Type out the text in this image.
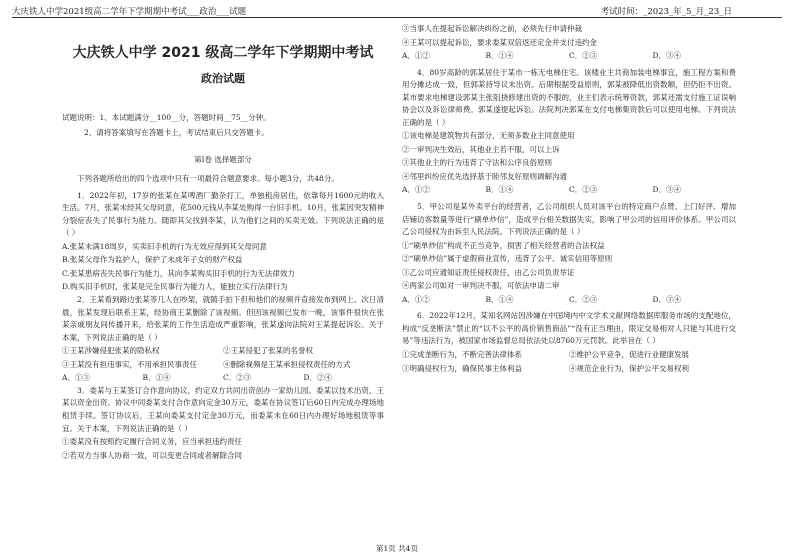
大庆铁人中学2021级高二学年下学期期中考试___政治___试题	考试时间：_2023_年_5_月_23_日
大庆铁人中学 2021 级高二学年下学期期中考试
政治试题
试题说明：1、本试题满分__100__分，答题时间__75__分钟。
2、请将答案填写在答题卡上，考试结束后只交答题卡。
第Ⅰ卷 选择题部分

下列各题所给出的四个选项中只有一项最符合题意要求。每小题3分，共48分。

1．2022年初，17岁的张某在某啤酒厂勤杂打工，单独租房居住，依靠每月1600元的收入生活。7月，张某未经其父母同意，花500元钱从李某处购得一台旧手机。10月，张某因突发精神分裂症丧失了民事行为能力。随即其父找到李某，认为他们之间的买卖无效。下列说法正确的是（ ）

A.张某未满18周岁，买卖旧手机的行为无效应得到其父母同意
B.张某父母作为监护人，保护了未成年子女的财产权益
C.张某患病丧失民事行为能力，其向李某购买旧手机的行为无法律效力
D.购买旧手机时，张某是完全民事行为能力人，能独立实行法律行为

2．王某看到路边张某等几人在吵架，就随手拍下但和他们的视频并直接发布到网上。次日清晨，张某发现后联系王某，经协商王某删除了该视频。但因该视频已发布一晚，该事件很快在张某亲戚朋友间传播开来，给张某的工作生活造成严重影响，张某遂向法院对王某提起诉讼。关于本案，下列说法正确的是（ ）

①王某涉嫌侵犯张某的隐私权	②王某侵犯了张某的名誉权
③王某没有担违事实，不用承担民事责任	④删除视频是王某承担侵权责任的方式
A．①③	B．①④	C．②③	D．②④

3．委某与王某签订合作意向协议，约定双方共同出资创办一家幼儿园。委某以技术出资，王某以资金出资。协议中同委某支付合作意向定金30万元，委某在协议签订后60日内完成办理场地租赁手续。签订协议后，王某向委某支付定金30万元，而委某未在60日内办理好场地租赁等事宜。关于本案，下列说法正确的是（ ）

①委某没有按照约定履行合同义务，应当承担违约责任
②若双方当事人协商一致，可以变更合同或者解除合同
③当事人在提起诉讼解决纠纷之前，必须先行申请仲裁
④王某可以提起诉讼，要求委某双倍返还定金并支付违约金
A．①②	B．①④	C．②③	D．③④

4．80岁高龄的郭某居住于某市一栋无电梯住宅。该楼业主共商加装电梯事宜，施工程方案和费用分摊达成一致，但郭某持导议未出资。后期根据受益原则，郭某被降低出资数额，但仍拒不出资。某市要求电梯建设郭某主张阻挠修建出资的不服的，业主们表示统筹资款，郭某还需支付施工证误响协会以及诉讼律师费。郭某遂提起诉讼。法院判决郭某在支付电梯集资款后可以使用电梯。下列说法正确的是（ ）

①该电梯是建筑物共有部分，无须多数业主同意使用
②一审判决生效后，其他业主若不服，可以上诉
③其他业主的行为违背了守法和公序良俗原则
④邻里纠纷应优先选择基于睦邻友好原则调解沟通
A．①②	B．①④	C．②③	D．③④

5．甲公司是某外卖平台的经营者，乙公司组织人员对该平台的特定商户点赞、上门好评、增加店铺访客数量等进行“刷单炒信”，造成平台相关数据失实，影响了甲公司的信用评价体系。甲公司以乙公司侵权为由诉至人民法院。下列说法正确的是（ ）

①“刷单炒信”构成不正当竞争，损害了相关经营者的合法权益
②“刷单炒信”属于虚假商业宣传，违背了公平、诚实信用等原则
③乙公司应通知证责任侵权责任，由乙公司负责举证
④两家公司如对一审判决不服，可依法申请二审
A．①②	B．①④	C．②③	D．③④

6．2022年12月，某知名网站因涉嫌在中国境内中文学术文献网络数据库服务市场的支配地位，构成“反垄断法”禁止的“以不公平的高价销售商品”“没有正当理由，限定交易相对人只能与其进行交易”等违法行为，被国家市场监督总局依法处以8760万元罚款。此举旨在（ ）

①完成垄断行为，不断完善法律体系	②维护公平竞争，促进行业健康发展
③明确侵权行为，确保民事主体利益	④规范企业行为，保护公平交易权利
第1页 共4页
